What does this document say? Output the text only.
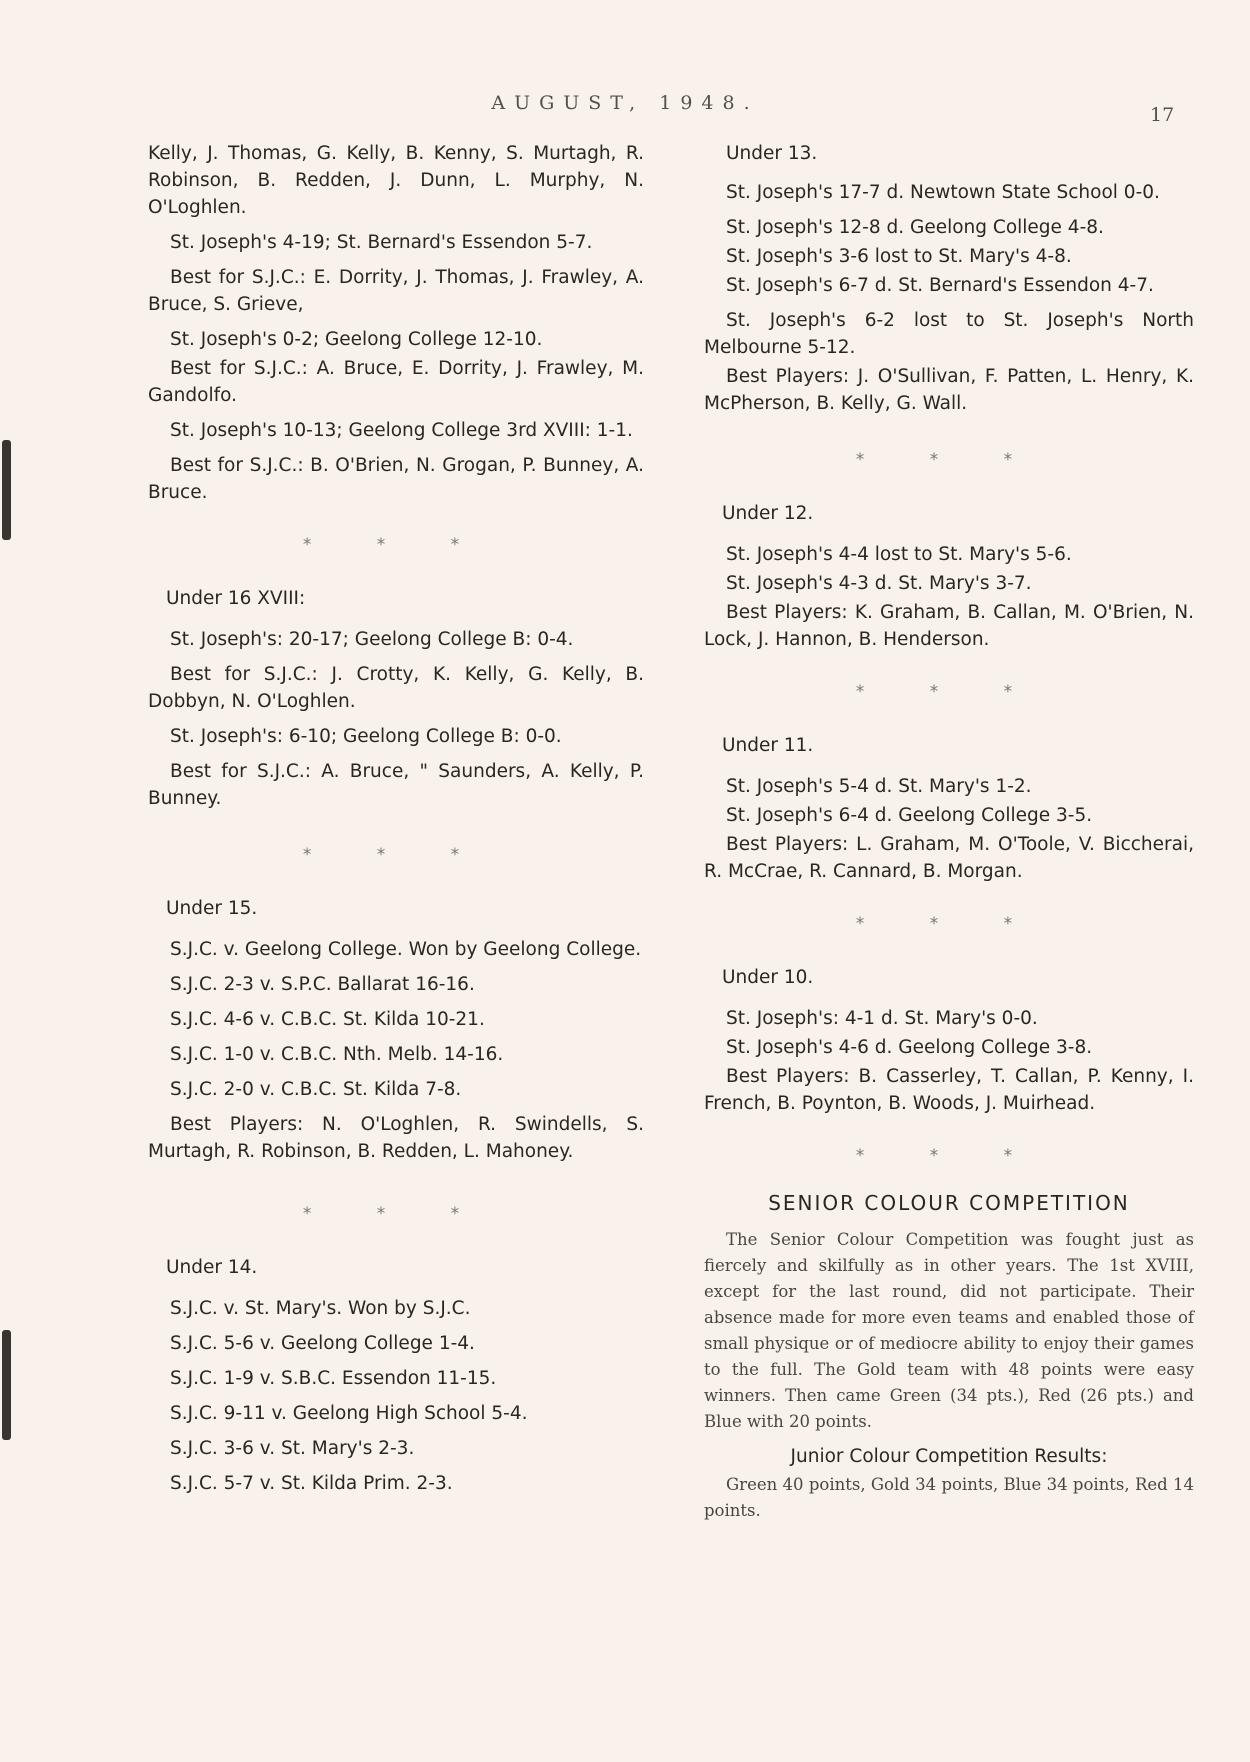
AUGUST, 1948.
17

Kelly, J. Thomas, G. Kelly, B. Kenny, S. Murtagh, R. Robinson, B. Redden, J. Dunn, L. Murphy, N. O'Loghlen.

St. Joseph's 4-19; St. Bernard's Essendon 5-7.

Best for S.J.C.: E. Dorrity, J. Thomas, J. Frawley, A. Bruce, S. Grieve,

St. Joseph's 0-2; Geelong College 12-10.

Best for S.J.C.: A. Bruce, E. Dorrity, J. Frawley, M. Gandolfo.

St. Joseph's 10-13; Geelong College 3rd XVIII: 1-1.

Best for S.J.C.: B. O'Brien, N. Grogan, P. Bunney, A. Bruce.

* * *

Under 16 XVIII:

St. Joseph's: 20-17; Geelong College B: 0-4.

Best for S.J.C.: J. Crotty, K. Kelly, G. Kelly, B. Dobbyn, N. O'Loghlen.

St. Joseph's: 6-10; Geelong College B: 0-0.

Best for S.J.C.: A. Bruce, " Saunders, A. Kelly, P. Bunney.

* * *

Under 15.

S.J.C. v. Geelong College. Won by Geelong College.

S.J.C. 2-3 v. S.P.C. Ballarat 16-16.

S.J.C. 4-6 v. C.B.C. St. Kilda 10-21.

S.J.C. 1-0 v. C.B.C. Nth. Melb. 14-16.

S.J.C. 2-0 v. C.B.C. St. Kilda 7-8.

Best Players: N. O'Loghlen, R. Swindells, S. Murtagh, R. Robinson, B. Redden, L. Mahoney.

* * *

Under 14.

S.J.C. v. St. Mary's. Won by S.J.C.

S.J.C. 5-6 v. Geelong College 1-4.

S.J.C. 1-9 v. S.B.C. Essendon 11-15.

S.J.C. 9-11 v. Geelong High School 5-4.

S.J.C. 3-6 v. St. Mary's 2-3.

S.J.C. 5-7 v. St. Kilda Prim. 2-3.

Under 13.

St. Joseph's 17-7 d. Newtown State School 0-0.

St. Joseph's 12-8 d. Geelong College 4-8.

St. Joseph's 3-6 lost to St. Mary's 4-8.

St. Joseph's 6-7 d. St. Bernard's Essendon 4-7.

St. Joseph's 6-2 lost to St. Joseph's North Melbourne 5-12.

Best Players: J. O'Sullivan, F. Patten, L. Henry, K. McPherson, B. Kelly, G. Wall.

* * *

Under 12.

St. Joseph's 4-4 lost to St. Mary's 5-6.

St. Joseph's 4-3 d. St. Mary's 3-7.

Best Players: K. Graham, B. Callan, M. O'Brien, N. Lock, J. Hannon, B. Henderson.

* * *

Under 11.

St. Joseph's 5-4 d. St. Mary's 1-2.

St. Joseph's 6-4 d. Geelong College 3-5.

Best Players: L. Graham, M. O'Toole, V. Biccherai, R. McCrae, R. Cannard, B. Morgan.

* * *

Under 10.

St. Joseph's: 4-1 d. St. Mary's 0-0.

St. Joseph's 4-6 d. Geelong College 3-8.

Best Players: B. Casserley, T. Callan, P. Kenny, I. French, B. Poynton, B. Woods, J. Muirhead.

* * *
SENIOR COLOUR COMPETITION

The Senior Colour Competition was fought just as fiercely and skilfully as in other years. The 1st XVIII, except for the last round, did not participate. Their absence made for more even teams and enabled those of small physique or of mediocre ability to enjoy their games to the full. The Gold team with 48 points were easy winners. Then came Green (34 pts.), Red (26 pts.) and Blue with 20 points.

Junior Colour Competition Results:

Green 40 points, Gold 34 points, Blue 34 points, Red 14 points.
